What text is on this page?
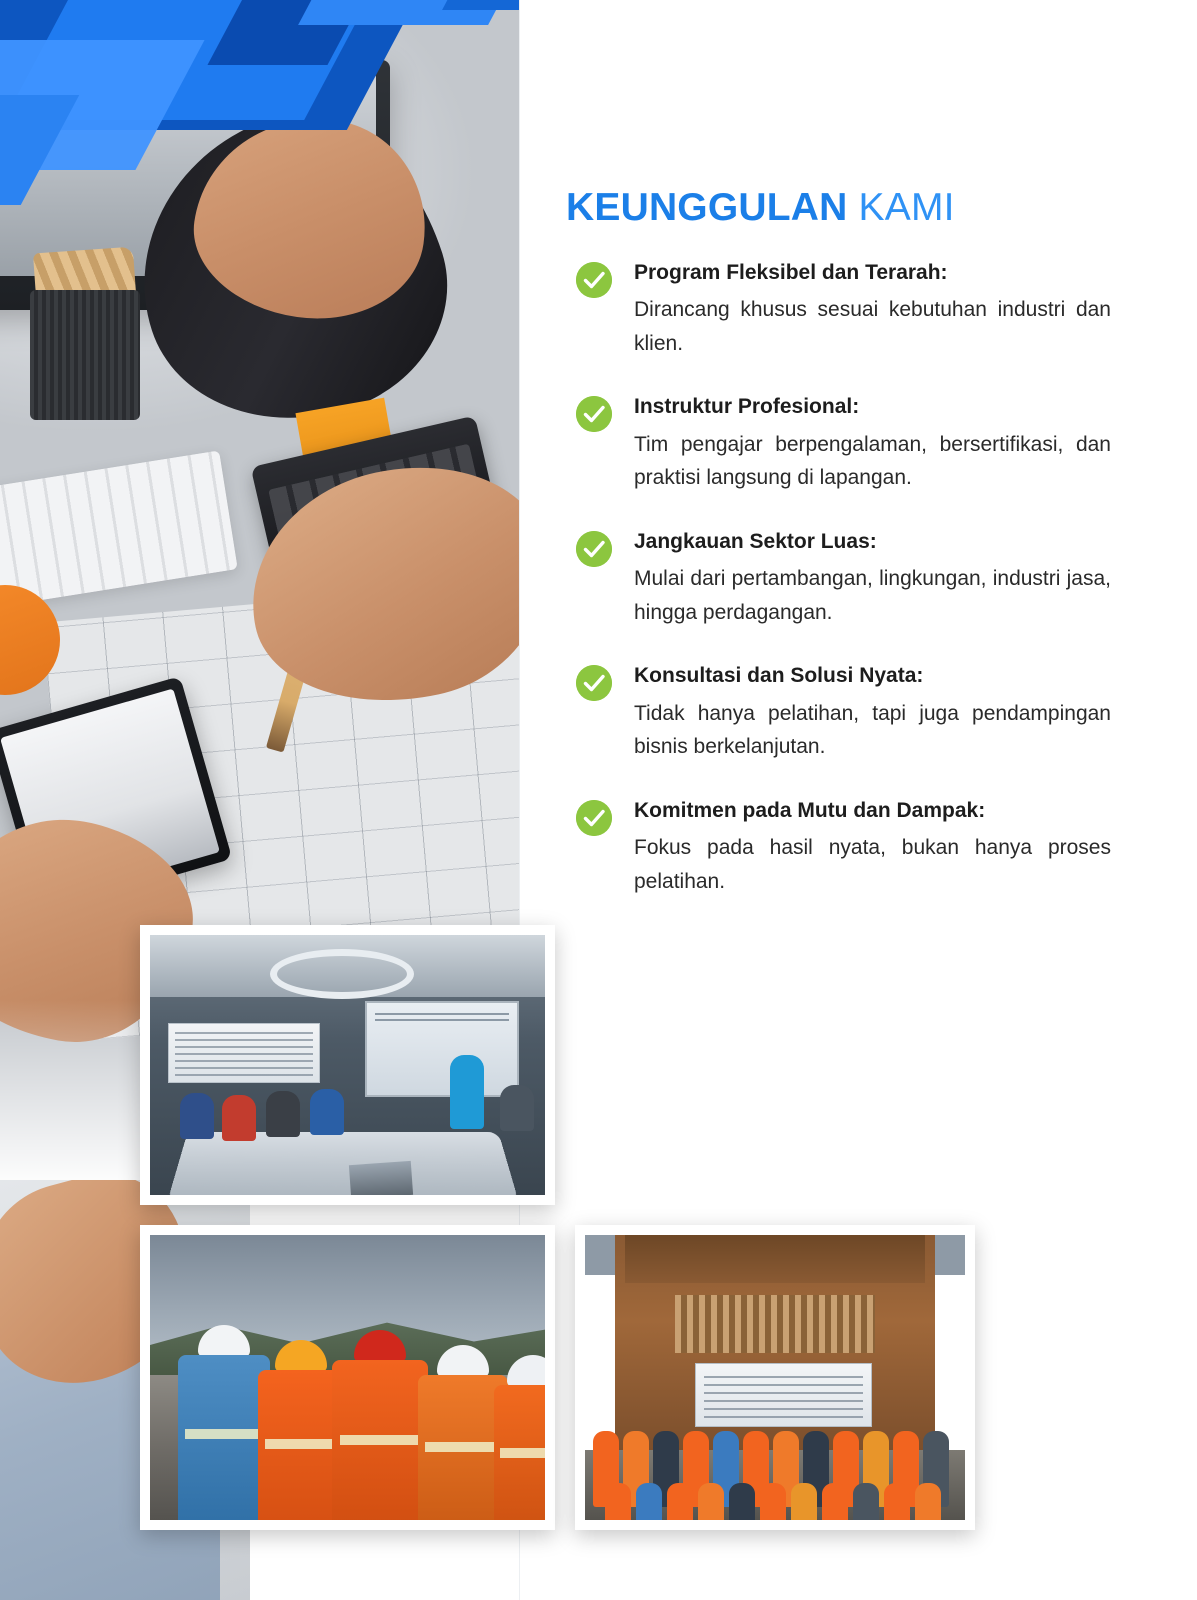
KEUNGGULAN KAMI
Program Fleksibel dan Terarah:

Dirancang khusus sesuai kebutuhan industri dan klien.

Instruktur Profesional:

Tim pengajar berpengalaman, bersertifikasi, dan praktisi langsung di lapangan.

Jangkauan Sektor Luas:

Mulai dari pertambangan, lingkungan, industri jasa, hingga perdagangan.

Konsultasi dan Solusi Nyata:

Tidak hanya pelatihan, tapi juga pendampingan bisnis berkelanjutan.

Komitmen pada Mutu dan Dampak:

Fokus pada hasil nyata, bukan hanya proses pelatihan.
